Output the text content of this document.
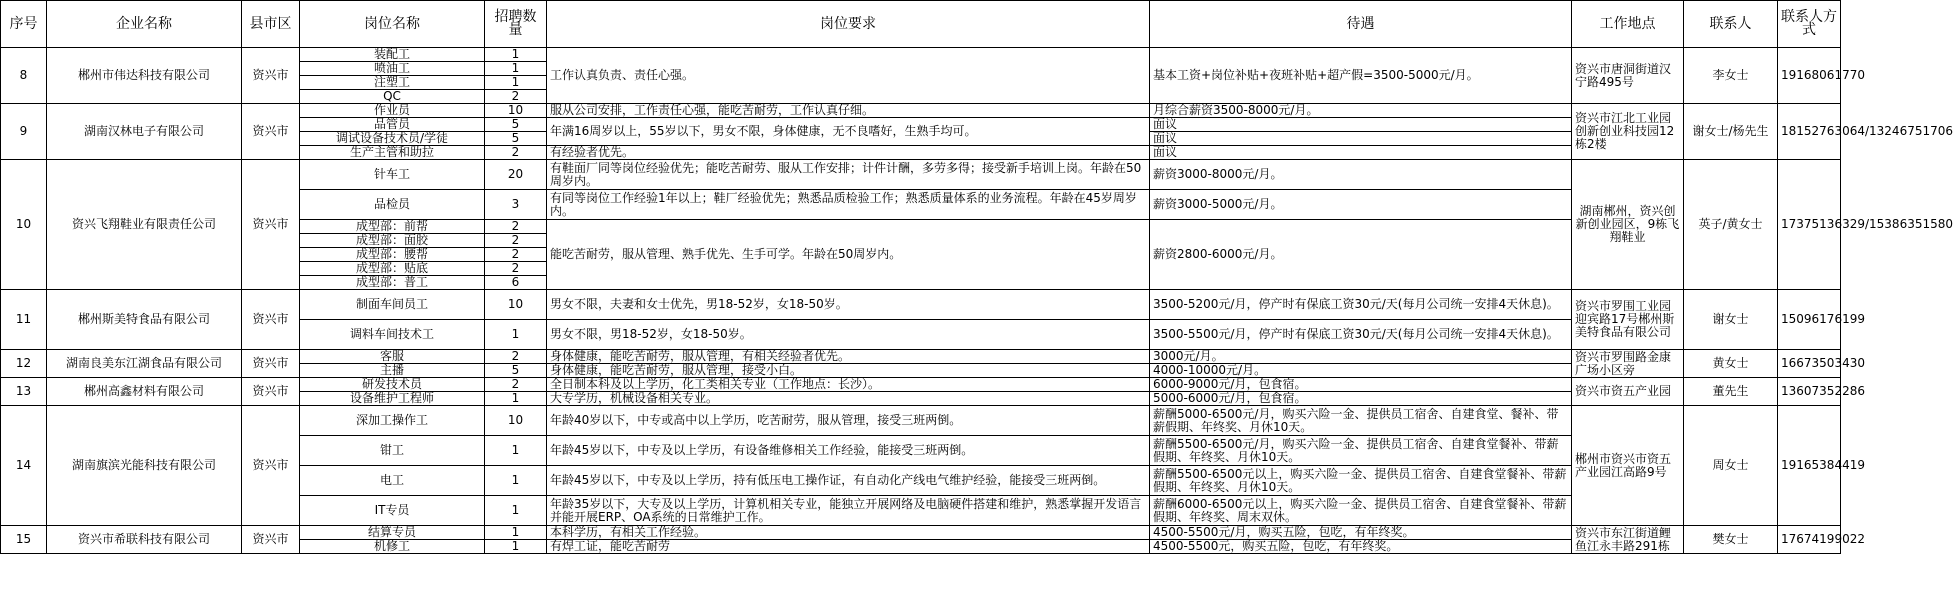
序号	企业名称	县市区	岗位名称	招聘数量	岗位要求	待遇	工作地点	联系人	联系人方式
8	郴州市伟达科技有限公司	资兴市	装配工	1	工作认真负责、责任心强。	基本工资+岗位补贴+夜班补贴+超产假=3500-5000元/月。	资兴市唐洞街道汉宁路495号	李女士	19168061770
			喷油工	1					
			注塑工	1					
			QC	2					
9	湖南汉林电子有限公司	资兴市	作业员	10	服从公司安排，工作责任心强，能吃苦耐劳，工作认真仔细。	月综合薪资3500-8000元/月。	资兴市江北工业园创新创业科技园12栋2楼	谢女士/杨先生	18152763064/13246751706
			品管员	5	年满16周岁以上，55岁以下，男女不限，身体健康，无不良嗜好，生熟手均可。	面议			
			调试设备技术员/学徒	5		面议			
			生产主管和助拉	2	有经验者优先。	面议			
10	资兴飞翔鞋业有限责任公司	资兴市	针车工	20	有鞋面厂同等岗位经验优先；能吃苦耐劳、服从工作安排；计件计酬，多劳多得；接受新手培训上岗。年龄在50周岁内。	薪资3000-8000元/月。	湖南郴州，资兴创新创业园区，9栋飞翔鞋业	英子/黄女士	17375136329/15386351580
			品检员	3	有同等岗位工作经验1年以上；鞋厂经验优先；熟悉品质检验工作；熟悉质量体系的业务流程。年龄在45岁周岁内。	薪资3000-5000元/月。			
			成型部：前帮	2	能吃苦耐劳，服从管理、熟手优先、生手可学。年龄在50周岁内。	薪资2800-6000元/月。			
			成型部：面胶	2					
			成型部：腰帮	2					
			成型部：贴底	2					
			成型部：普工	6					
11	郴州斯美特食品有限公司	资兴市	制面车间员工	10	男女不限，夫妻和女士优先，男18-52岁，女18-50岁。	3500-5200元/月，停产时有保底工资30元/天(每月公司统一安排4天休息)。	资兴市罗围工业园迎宾路17号郴州斯美特食品有限公司	谢女士	15096176199
			调料车间技术工	1	男女不限，男18-52岁，女18-50岁。	3500-5500元/月，停产时有保底工资30元/天(每月公司统一安排4天休息)。			
12	湖南良美东江湖食品有限公司	资兴市	客服	2	身体健康，能吃苦耐劳，服从管理，有相关经验者优先。	3000元/月。	资兴市罗围路金康广场小区旁	黄女士	16673503430
			主播	5	身体健康，能吃苦耐劳，服从管理，接受小白。	4000-10000元/月。			
13	郴州高鑫材料有限公司	资兴市	研发技术员	2	全日制本科及以上学历，化工类相关专业（工作地点：长沙）。	6000-9000元/月，包食宿。	资兴市资五产业园	董先生	13607352286
			设备维护工程师	1	大专学历，机械设备相关专业。	5000-6000元/月，包食宿。			
14	湖南旗滨光能科技有限公司	资兴市	深加工操作工	10	年龄40岁以下，中专或高中以上学历，吃苦耐劳，服从管理，接受三班两倒。	薪酬5000-6500元/月，购买六险一金、提供员工宿舍、自建食堂、餐补、带薪假期、年终奖、月休10天。	郴州市资兴市资五产业园江高路9号	周女士	19165384419
			钳工	1	年龄45岁以下，中专及以上学历，有设备维修相关工作经验，能接受三班两倒。	薪酬5500-6500元/月，购买六险一金、提供员工宿舍、自建食堂餐补、带薪假期、年终奖、月休10天。			
			电工	1	年龄45岁以下，中专及以上学历，持有低压电工操作证，有自动化产线电气维护经验，能接受三班两倒。	薪酬5500-6500元以上，购买六险一金、提供员工宿舍、自建食堂餐补、带薪假期、年终奖、月休10天。			
			IT专员	1	年龄35岁以下，大专及以上学历，计算机相关专业，能独立开展网络及电脑硬件搭建和维护，熟悉掌握开发语言并能开展ERP、OA系统的日常维护工作。	薪酬6000-6500元以上，购买六险一金、提供员工宿舍、自建食堂餐补、带薪假期、年终奖、周末双休。			
15	资兴市希联科技有限公司	资兴市	结算专员	1	本科学历，有相关工作经验。	4500-5500元/月，购买五险，包吃，有年终奖。	资兴市东江街道鲤鱼江永丰路291栋	樊女士	17674199022
			机修工	1	有焊工证，能吃苦耐劳	4500-5500元，购买五险，包吃，有年终奖。			
